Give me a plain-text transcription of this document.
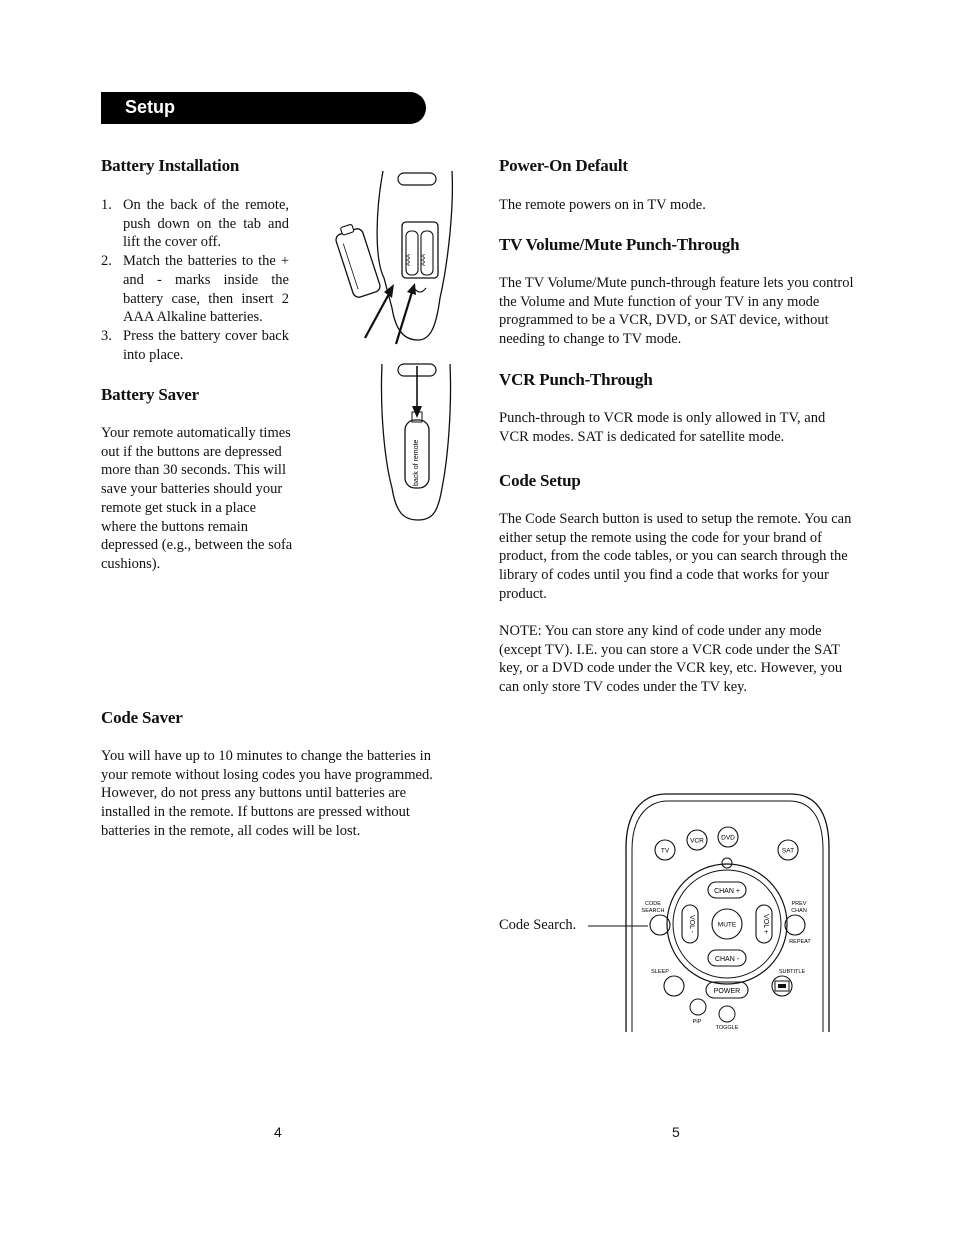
Setup
Battery Installation
1. On the back of the remote, push down on the tab and lift the cover off.
2. Match the batteries to the + and - marks inside the battery case, then insert 2 AAA Alkaline batteries.
3. Press the battery cover back into place.
Battery Saver
Your remote automatically times out if the buttons are depressed more than 30 seconds. This will save your batteries should your remote get stuck in a place where the buttons remain depressed (e.g., between the sofa cushions).
Code Saver
You will have up to 10 minutes to change the batteries in your remote without losing codes you have programmed. However, do not press any buttons until batteries are installed in the remote. If buttons are pressed without batteries in the remote, all codes will be lost.
AAA AAA
back of remote
Power-On Default
The remote powers on in TV mode.
TV Volume/Mute Punch-Through
The TV Volume/Mute punch-through feature lets you control the Volume and Mute function of your TV in any mode programmed to be a VCR, DVD, or SAT device, without needing to change to TV mode.
VCR Punch-Through
Punch-through to VCR mode is only allowed in TV, and VCR modes. SAT is dedicated for satellite mode.
Code Setup
The Code Search button is used to setup the remote. You can either setup the remote using the code for your brand of product, from the code tables, or you can search through the library of codes until you find a code that works for your product.
NOTE: You can store any kind of code under any mode (except TV). I.E. you can store a VCR code under the SAT key, or a DVD code under the VCR key, etc. However, you can only store TV codes under the TV key.
Code Search.
TV
VCR	DVD
SAT
CHAN +
CHAN -
VOL -	VOL +
MUTE
CODE
SEARCH
PREV
CHAN
REPEAT
SLEEP	SUBTITLE
POWER
PIP
TOGGLE
4	5
